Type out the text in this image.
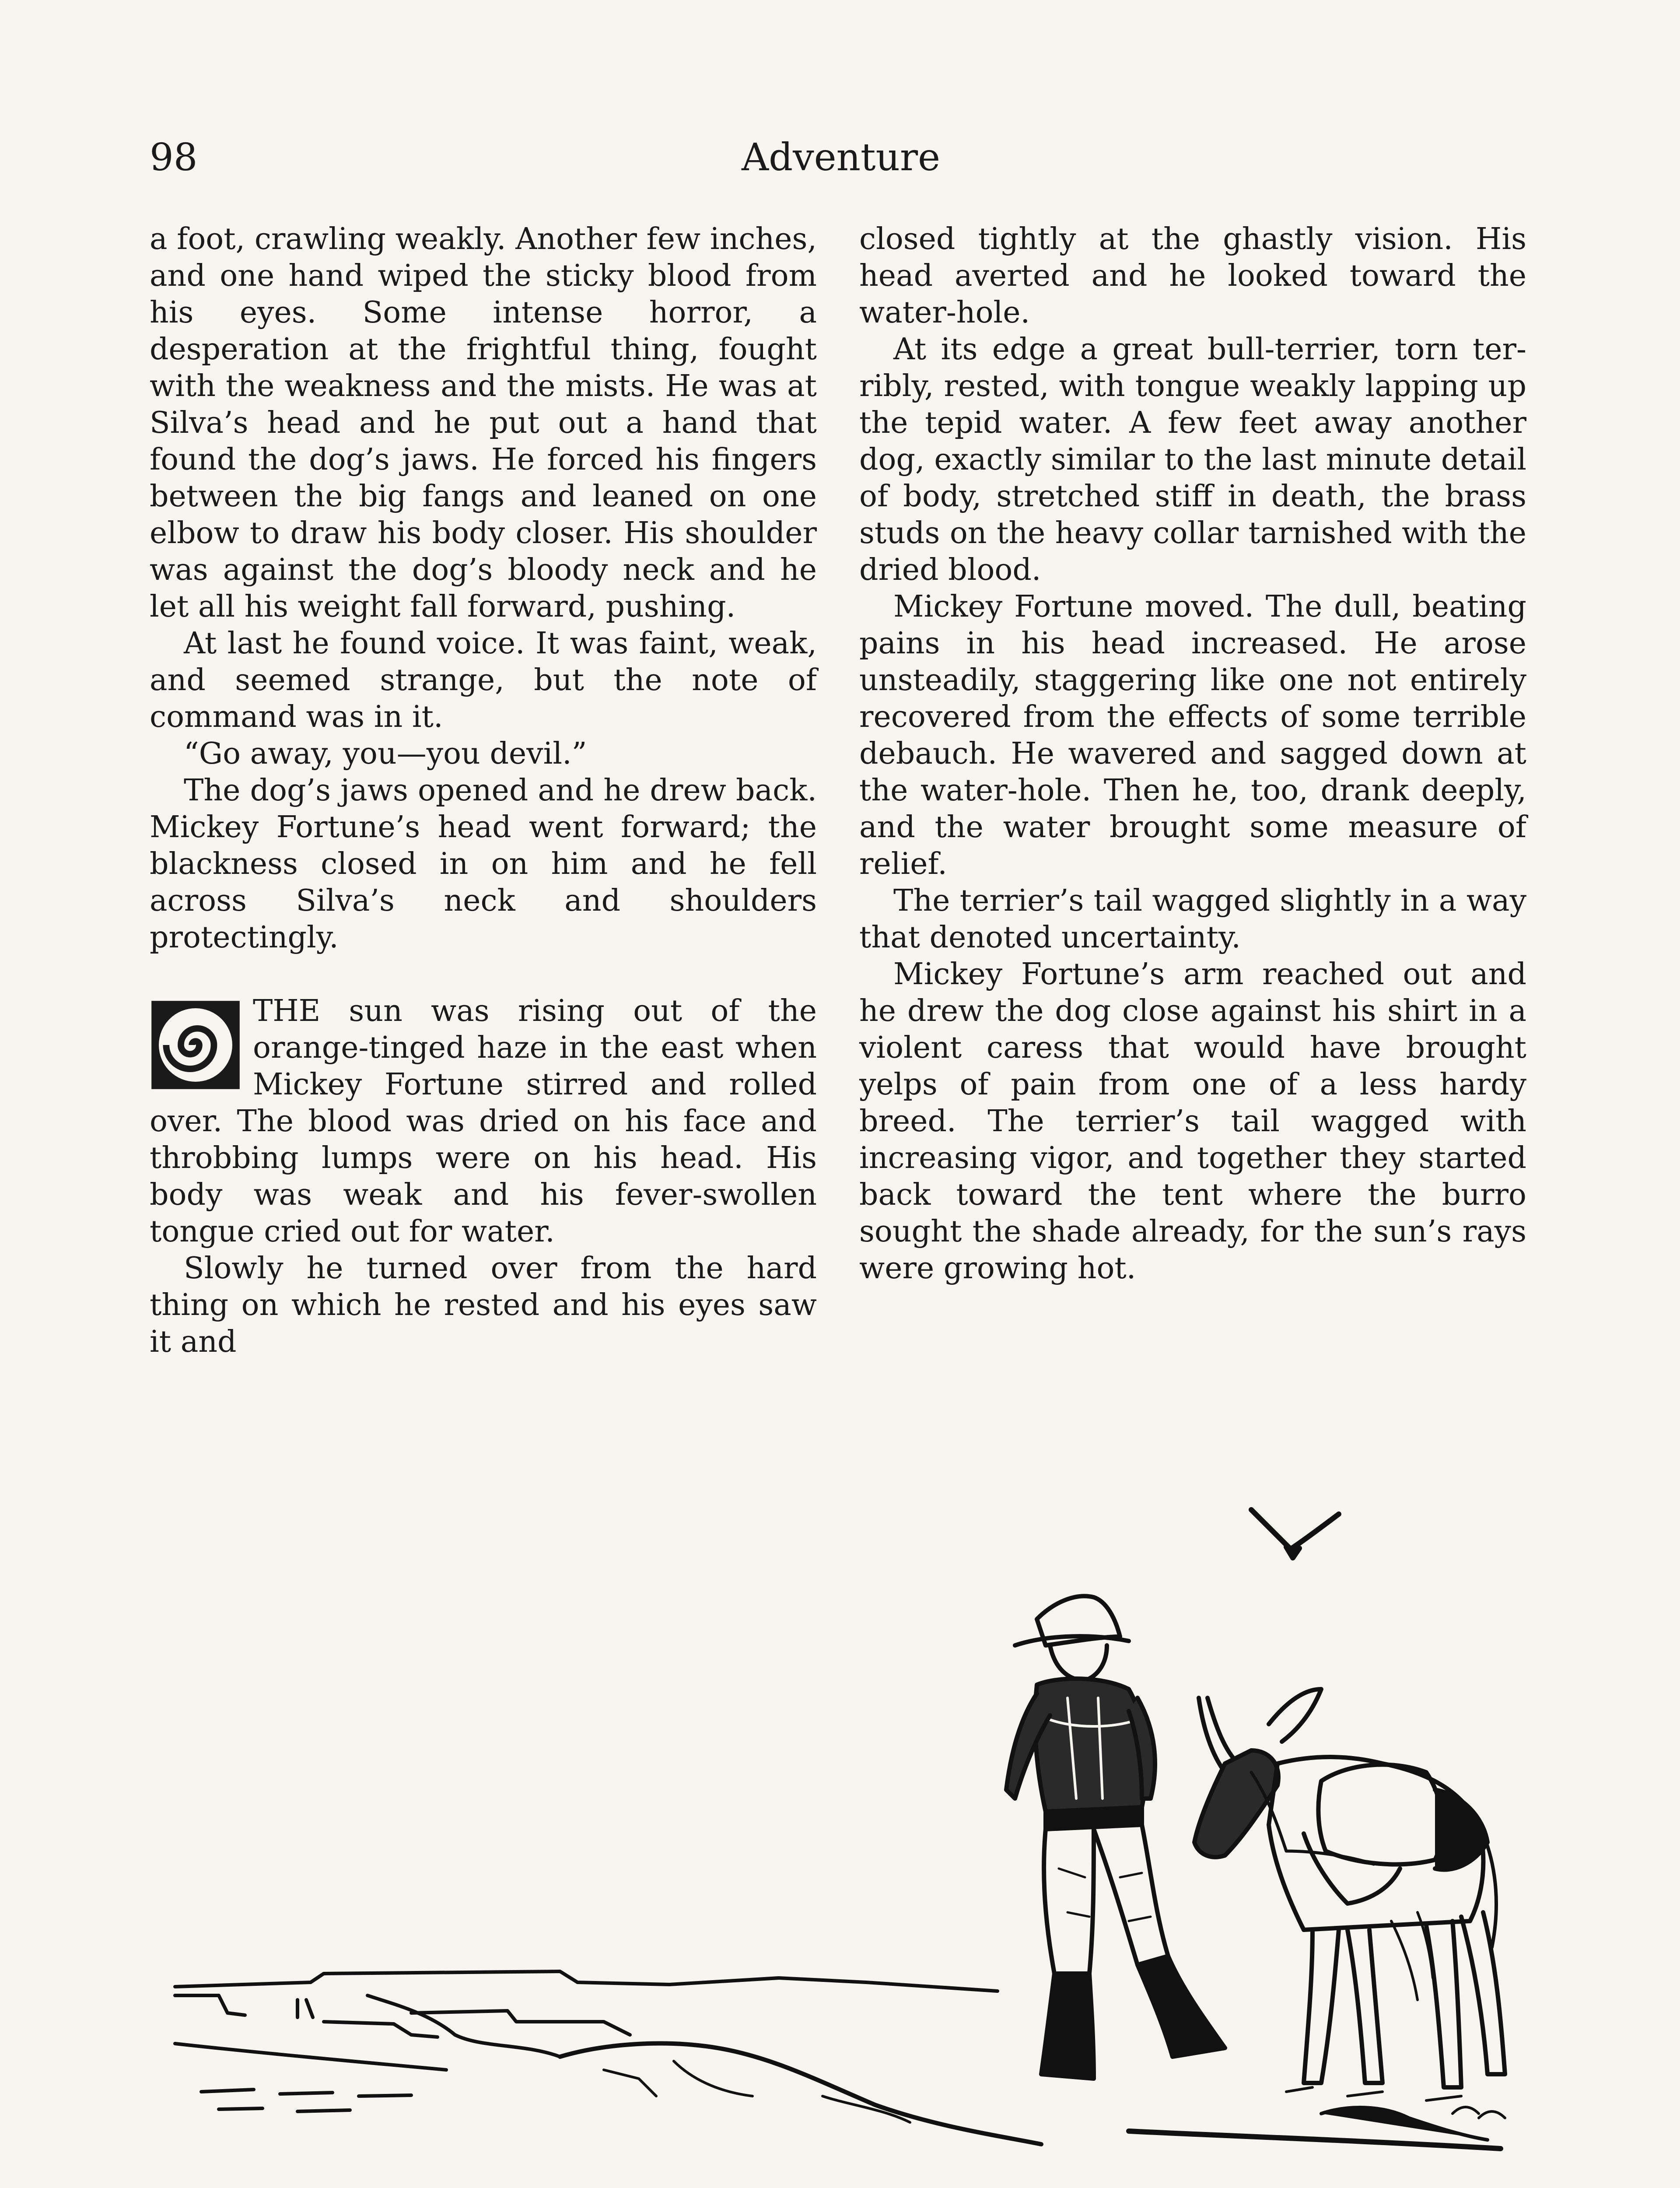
98	Adventure

a foot, crawling weakly. Another few inches, and one hand wiped the sticky blood from his eyes. Some intense horror, a desperation at the frightful thing, fought with the weakness and the mists. He was at Silva’s head and he put out a hand that found the dog’s jaws. He forced his fingers between the big fangs and leaned on one elbow to draw his body closer. His shoulder was against the dog’s bloody neck and he let all his weight fall forward, pushing.

At last he found voice. It was faint, weak, and seemed strange, but the note of command was in it.

“Go away, you—you devil.”

The dog’s jaws opened and he drew back. Mickey Fortune’s head went forward; the blackness closed in on him and he fell across Silva’s neck and shoulders protectingly.

THE sun was rising out of the orange-tinged haze in the east when Mickey Fortune stirred and rolled over. The blood was dried on his face and throbbing lumps were on his head. His body was weak and his fever-swollen tongue cried out for water.

Slowly he turned over from the hard thing on which he rested and his eyes saw it and

closed tightly at the ghastly vision. His head averted and he looked toward the water-hole.

At its edge a great bull-terrier, torn terribly, rested, with tongue weakly lapping up the tepid water. A few feet away another dog, exactly similar to the last minute detail of body, stretched stiff in death, the brass studs on the heavy collar tarnished with the dried blood.

Mickey Fortune moved. The dull, beating pains in his head increased. He arose unsteadily, staggering like one not entirely recovered from the effects of some terrible debauch. He wavered and sagged down at the water-hole. Then he, too, drank deeply, and the water brought some measure of relief.

The terrier’s tail wagged slightly in a way that denoted uncertainty.

Mickey Fortune’s arm reached out and he drew the dog close against his shirt in a violent caress that would have brought yelps of pain from one of a less hardy breed. The terrier’s tail wagged with increasing vigor, and together they started back toward the tent where the burro sought the shade already, for the sun’s rays were growing hot.
